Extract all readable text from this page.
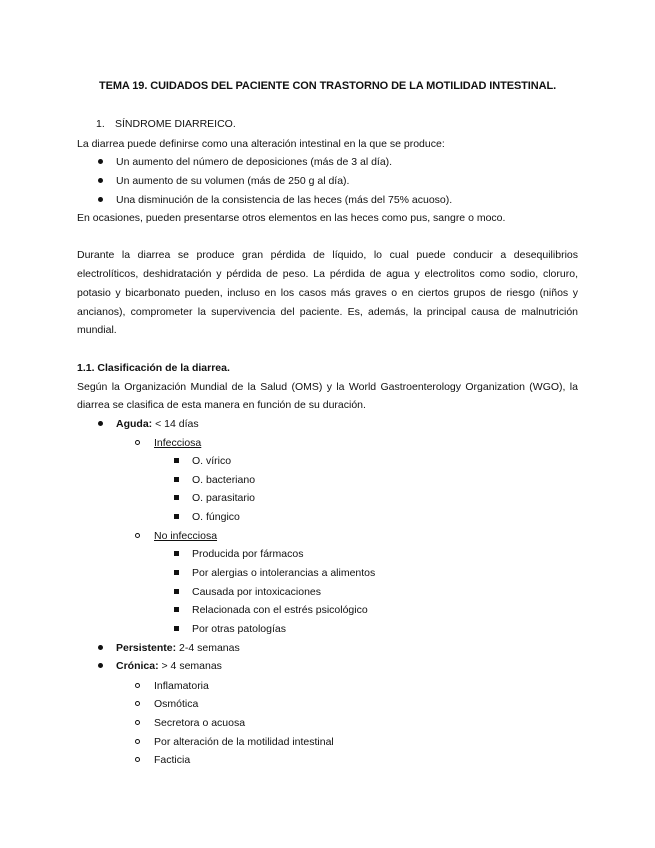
TEMA 19. CUIDADOS DEL PACIENTE CON TRASTORNO DE LA MOTILIDAD INTESTINAL.
1. SÍNDROME DIARREICO.
La diarrea puede definirse como una alteración intestinal en la que se produce:
Un aumento del número de deposiciones (más de 3 al día).
Un aumento de su volumen (más de 250 g al día).
Una disminución de la consistencia de las heces (más del 75% acuoso).
En ocasiones, pueden presentarse otros elementos en las heces como pus, sangre o moco.
Durante la diarrea se produce gran pérdida de líquido, lo cual puede conducir a desequilibrios
electrolíticos, deshidratación y pérdida de peso. La pérdida de agua y electrolitos como sodio, cloruro,
potasio y bicarbonato pueden, incluso en los casos más graves o en ciertos grupos de riesgo (niños y
ancianos), comprometer la supervivencia del paciente. Es, además, la principal causa de malnutrición
mundial.
1.1. Clasificación de la diarrea.
Según la Organización Mundial de la Salud (OMS) y la World Gastroenterology Organization (WGO), la
diarrea se clasifica de esta manera en función de su duración.
Aguda: < 14 días
Infecciosa
O. vírico
O. bacteriano
O. parasitario
O. fúngico
No infecciosa
Producida por fármacos
Por alergias o intolerancias a alimentos
Causada por intoxicaciones
Relacionada con el estrés psicológico
Por otras patologías
Persistente: 2-4 semanas
Crónica: > 4 semanas
Inflamatoria
Osmótica
Secretora o acuosa
Por alteración de la motilidad intestinal
Facticia
